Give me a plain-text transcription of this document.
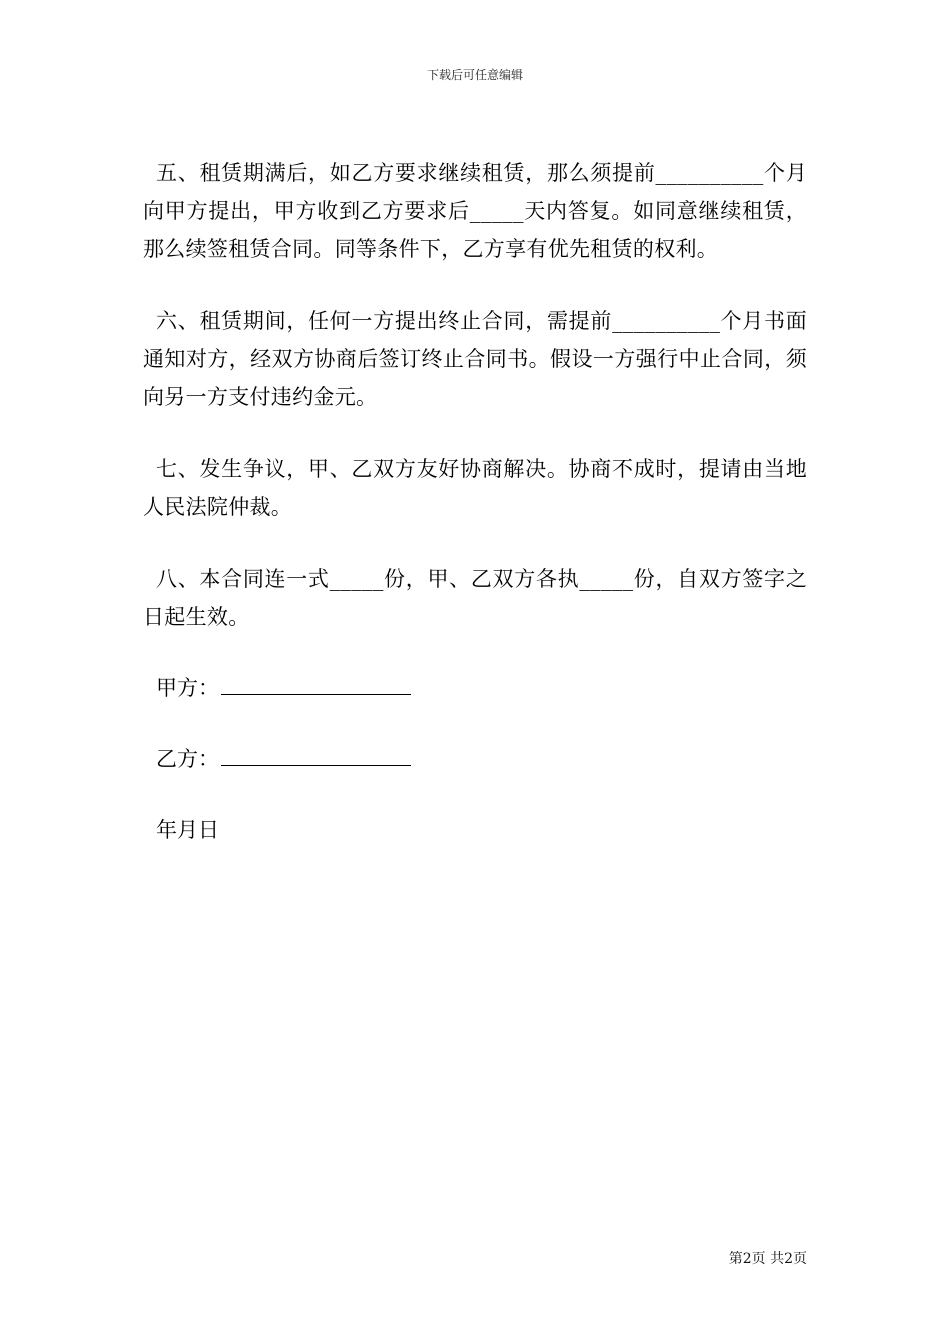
下载后可任意编辑

五、租赁期满后，如乙方要求继续租赁，那么须提前__________个月向甲方提出，甲方收到乙方要求后_____天内答复。如同意继续租赁，那么续签租赁合同。同等条件下，乙方享有优先租赁的权利。

六、租赁期间，任何一方提出终止合同，需提前__________个月书面通知对方，经双方协商后签订终止合同书。假设一方强行中止合同，须向另一方支付违约金元。

七、发生争议，甲、乙双方友好协商解决。协商不成时，提请由当地人民法院仲裁。

八、本合同连一式_____份，甲、乙双方各执_____份，自双方签字之日起生效。

甲方：
乙方：
年月日
第2页 共2页
